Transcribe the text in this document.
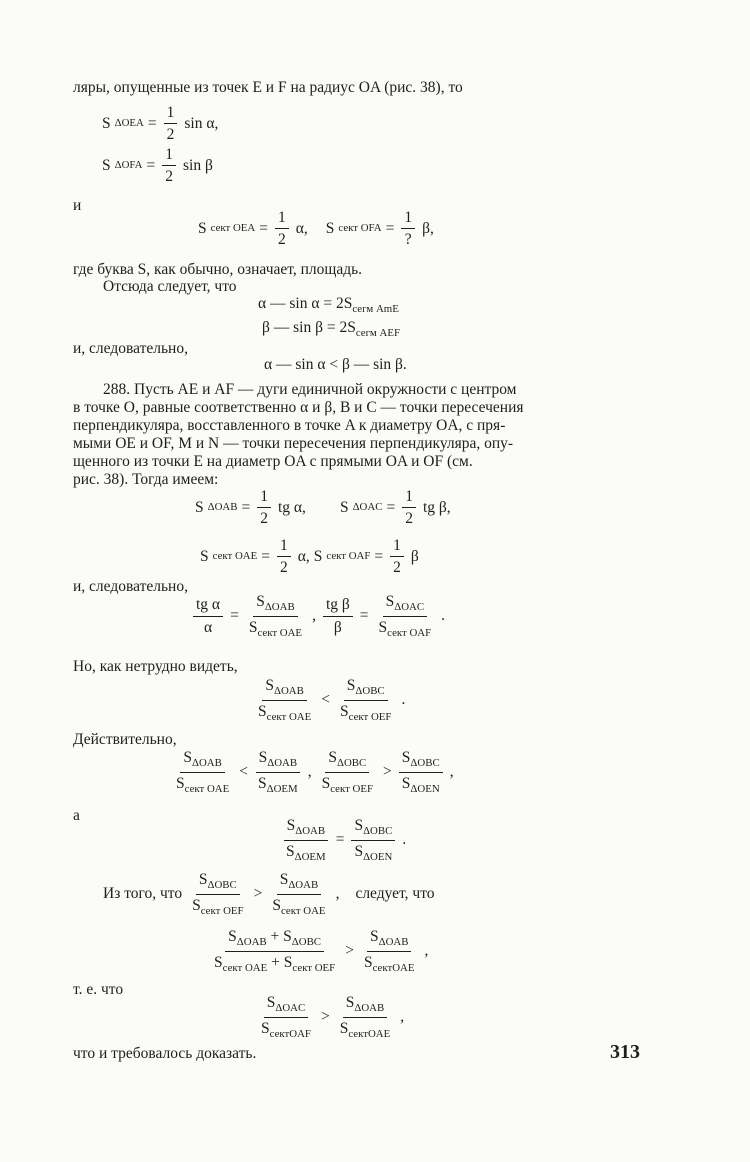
ляры, опущенные из точек E и F на радиус OA (рис. 38), то
S $\Delta OEA = \frac{1}{2}$ sin α,
S $\Delta OFA = \frac{1}{2}$ sin β
и
S сект OEA = $\frac{1}{2} \alpha$, S сект OFA =
1
?
β,
где буква S, как обычно, означает, площадь.
Отсюда следует, что
α — $\sin \alpha = 2S_{сегм AmE}$
β — $\sin \beta = 2S_{сегм AEF}$
и, следовательно,
α — sin α < β — sin β.
288. Пусть AE и AF — дуги единичной окружности с центром
в точке O, равные соответственно α и β, B и C — точки пересечения
перпендикуляра, восставленного в точке A к диаметру OA, с пря-
мыми OE и OF, M и N — точки пересечения перпендикуляра, опу-
щенного из точки E на диаметр OA с прямыми OA и OF (см.
рис. 38). Тогда имеем:
S $\Delta OAB = \frac{1}{2}$ tg α, S $\Delta OAC = \frac{1}{2}$ tg β,
S сект OAE = $\frac{1}{2} \alpha$, S сект OAF = $\frac{1}{2}$ β
и, следовательно,
$\frac{\text{tg α}}{\alpha}$ =
$S_{\Delta OAB}$
$S_{сект OAE}$
, $\frac{\text{tg β}}{\beta}$ =
$S_{\Delta OAC}$
$S_{сект OAF}$
.
Но, как нетрудно видеть,
$S_{\Delta OAB}$
$S_{сект OAE}$
<
$S_{\Delta OBC}$
$S_{сект OEF}$
.
Действительно,
$S_{\Delta OAB}$
$S_{сект OAE}$
<
$S_{\Delta OAB}$
$S_{\Delta OEM}$
,
$S_{\Delta OBC}$
$S_{сект OEF}$
>
$S_{\Delta OBC}$
$S_{\Delta OEN}$
,
а
$S_{\Delta OAB}$
$S_{\Delta OEM}$
=
$S_{\Delta OBC}$
$S_{\Delta OEN}$
.
Из того, что
$S_{\Delta OBC}$
$S_{сект OEF}$
>
$S_{\Delta OAB}$
$S_{сект OAE}$
, следует, что
$S_{\Delta OAB} + S_{\Delta OBC}$
$S_{сект OAE} + S_{сект OEF}$
>
$S_{\Delta OAB}$
$S_{сектOAE}$
,
т. е. что
$S_{\Delta OAC}$
$S_{сектOAF}$
>
$S_{\Delta OAB}$
$S_{сектOAE}$
,
что и требовалось доказать.	313
